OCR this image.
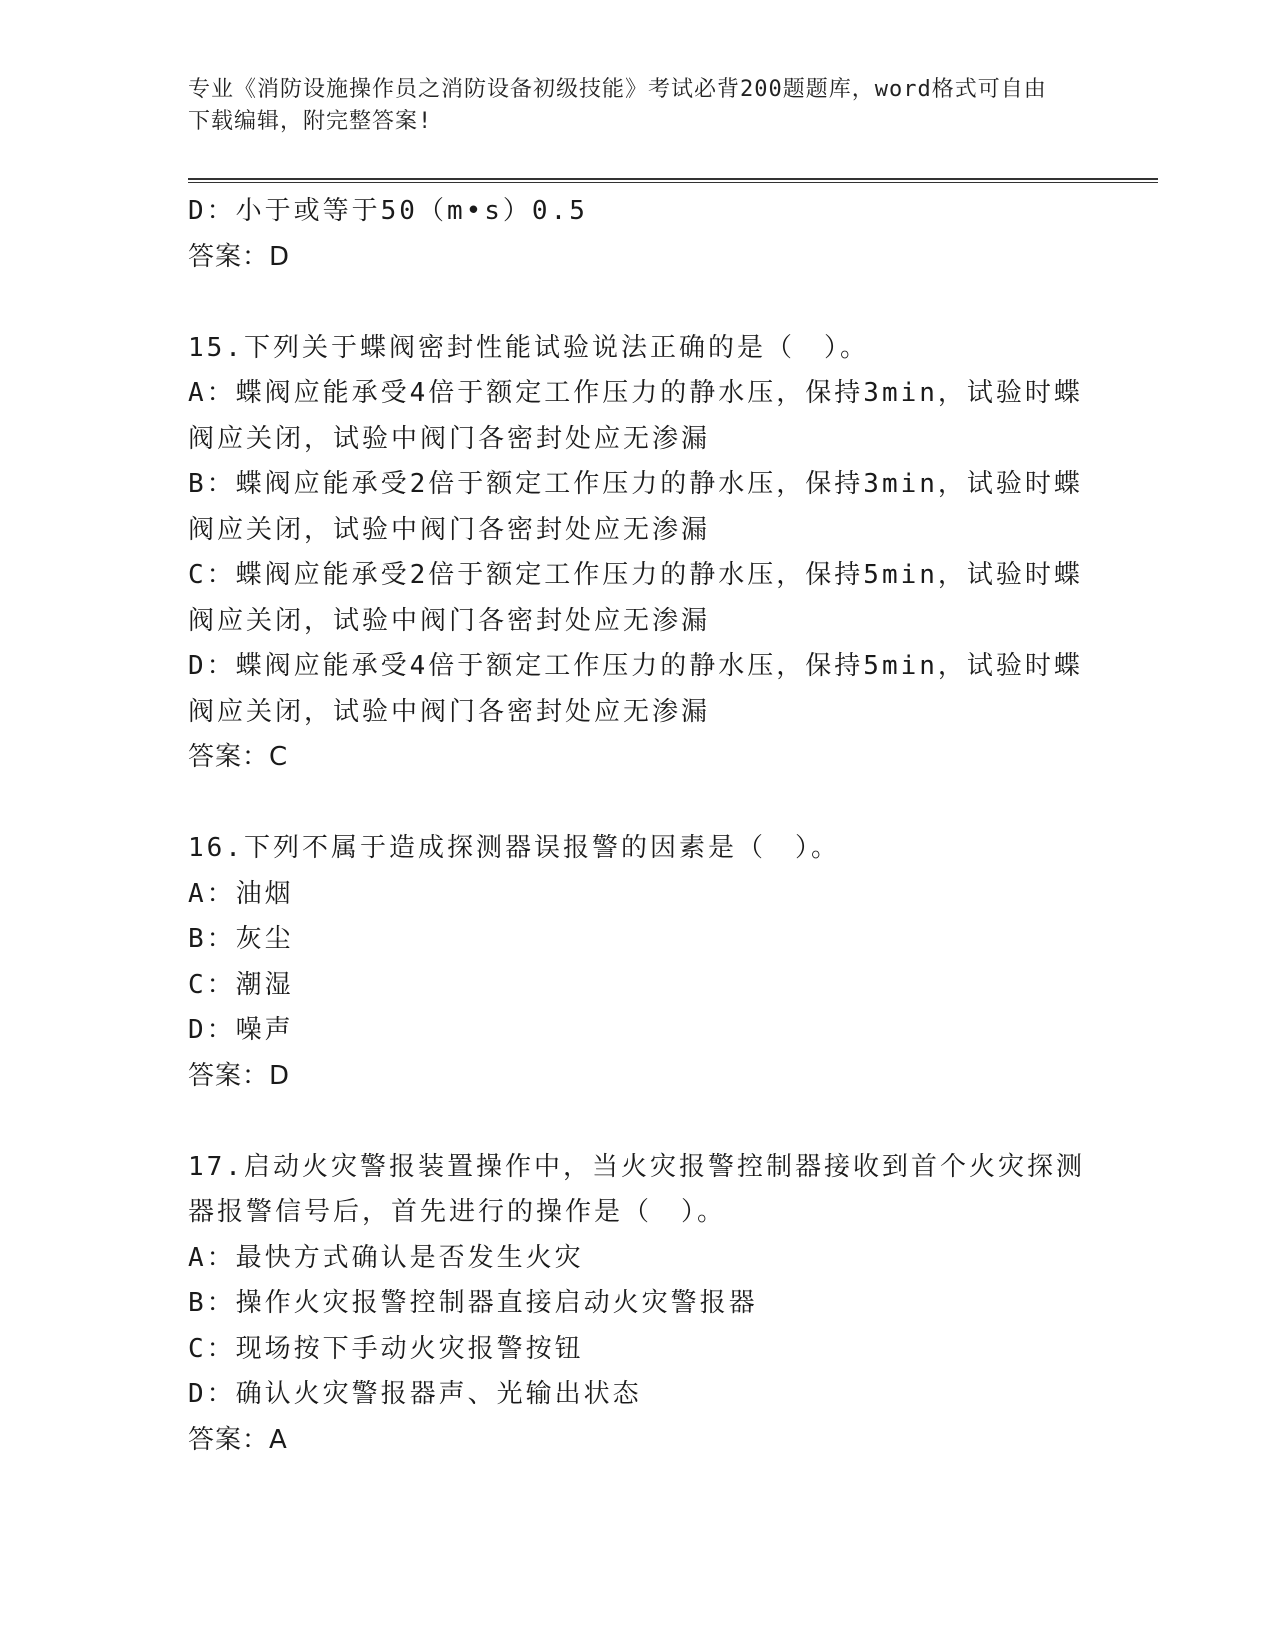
专业《消防设施操作员之消防设备初级技能》考试必背200题题库，word格式可自由下载编辑，附完整答案!

D：小于或等于50（m•s）0.5

答案：D

15.下列关于蝶阀密封性能试验说法正确的是（　）。

A：蝶阀应能承受4倍于额定工作压力的静水压，保持3min，试验时蝶阀应关闭，试验中阀门各密封处应无渗漏

B：蝶阀应能承受2倍于额定工作压力的静水压，保持3min，试验时蝶阀应关闭，试验中阀门各密封处应无渗漏

C：蝶阀应能承受2倍于额定工作压力的静水压，保持5min，试验时蝶阀应关闭，试验中阀门各密封处应无渗漏

D：蝶阀应能承受4倍于额定工作压力的静水压，保持5min，试验时蝶阀应关闭，试验中阀门各密封处应无渗漏

答案：C

16.下列不属于造成探测器误报警的因素是（　）。

A：油烟

B：灰尘

C：潮湿

D：噪声

答案：D

17.启动火灾警报装置操作中，当火灾报警控制器接收到首个火灾探测器报警信号后，首先进行的操作是（　）。

A：最快方式确认是否发生火灾

B：操作火灾报警控制器直接启动火灾警报器

C：现场按下手动火灾报警按钮

D：确认火灾警报器声、光输出状态

答案：A
